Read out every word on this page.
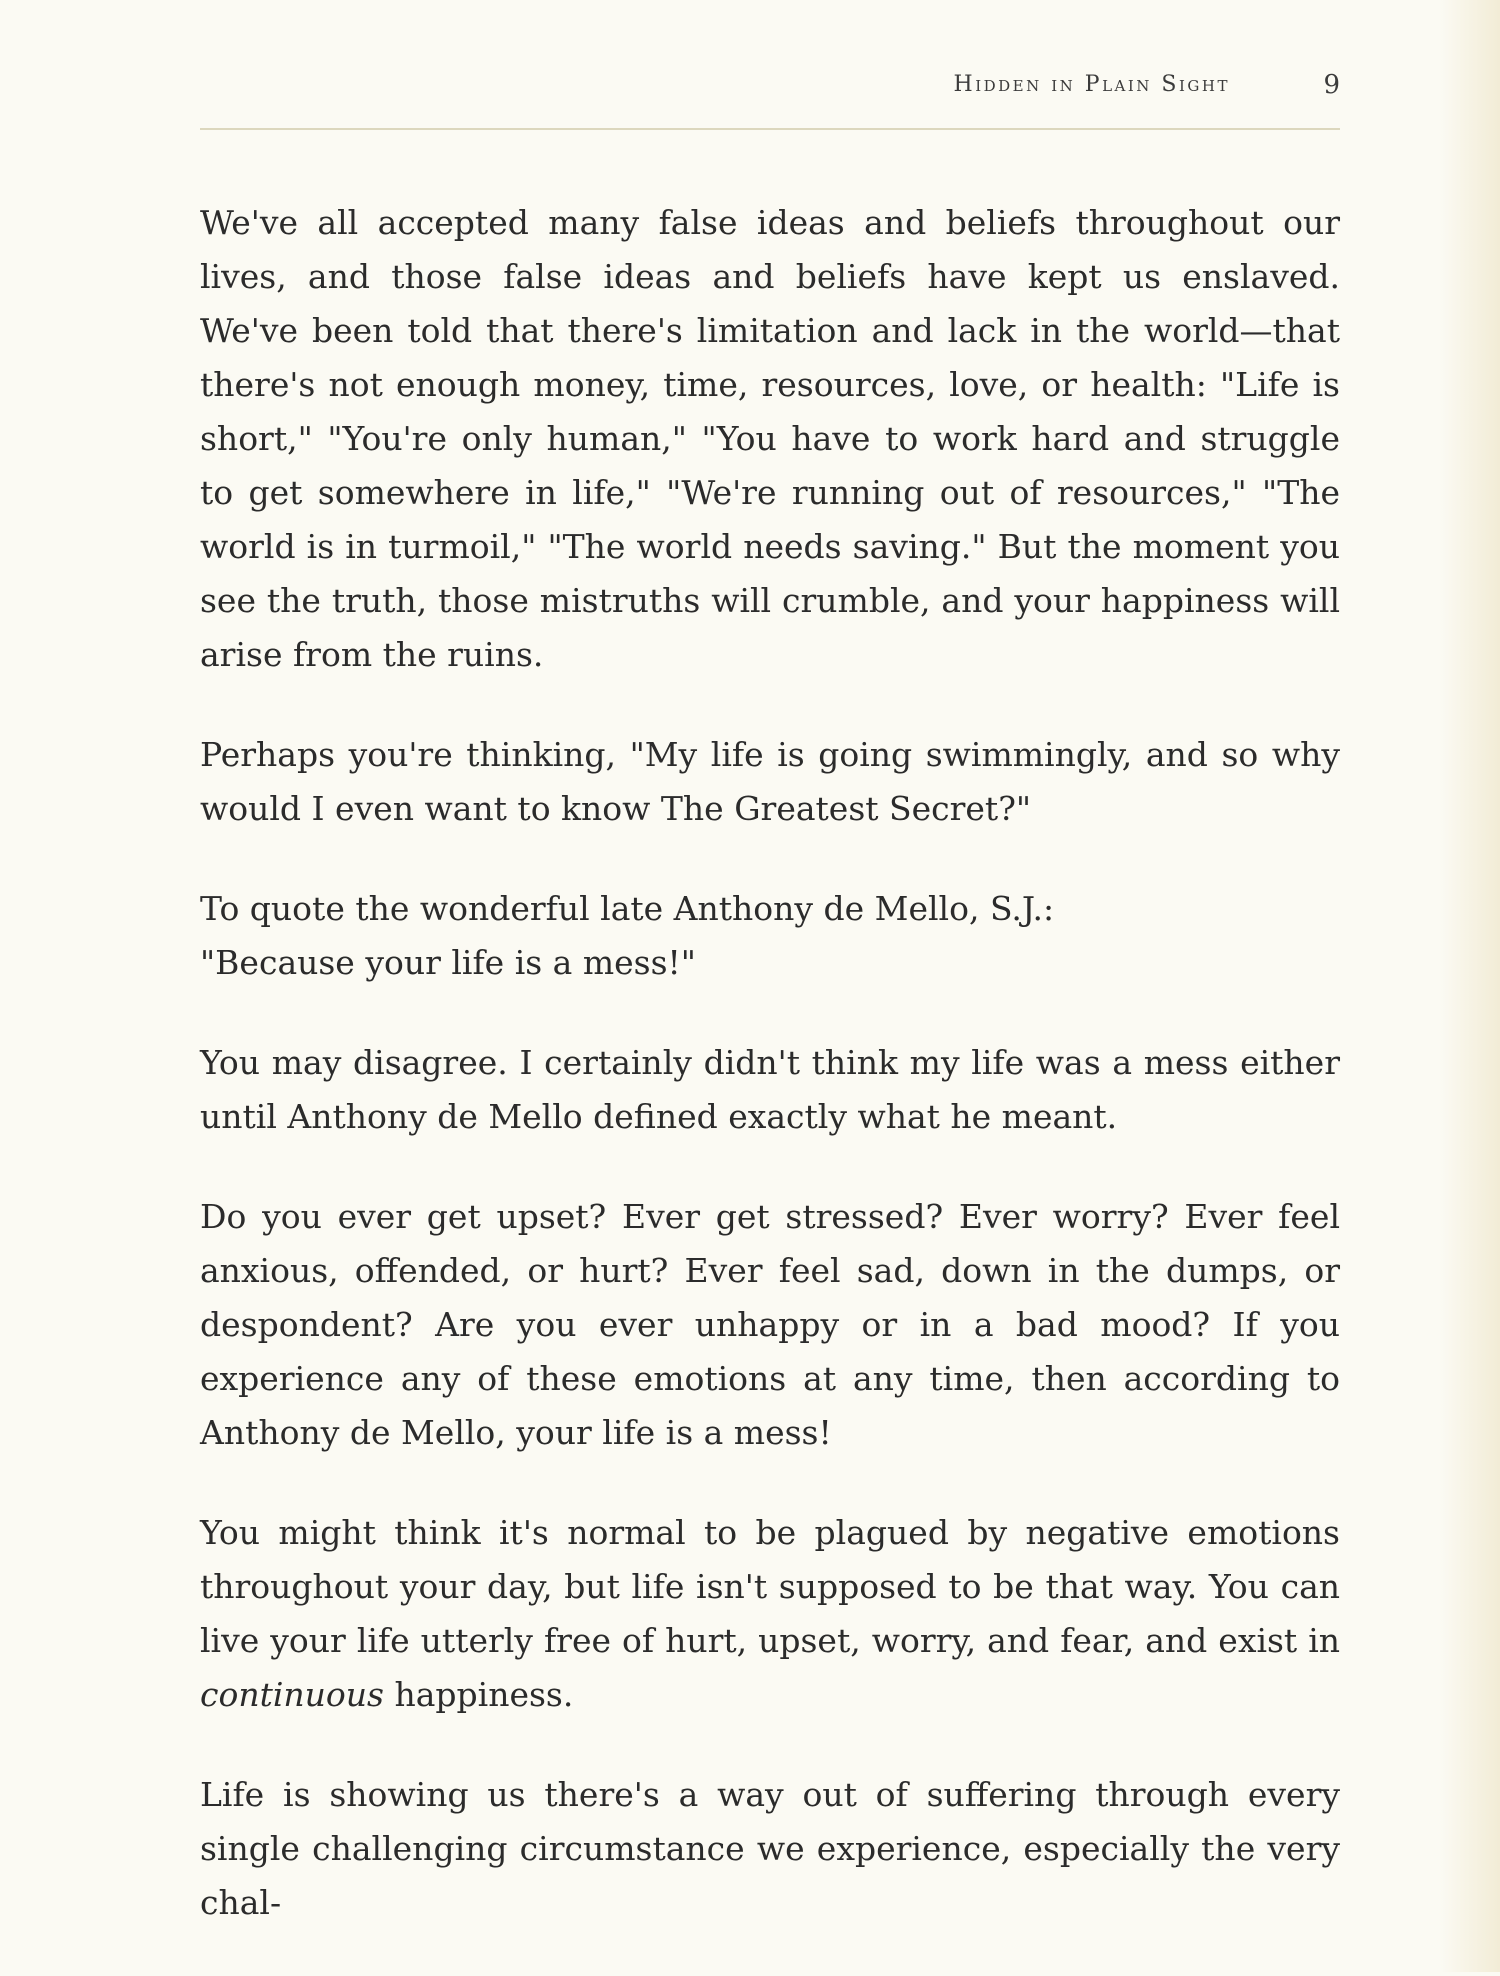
Hidden in Plain Sight	9

We've all accepted many false ideas and beliefs throughout our lives, and those false ideas and beliefs have kept us enslaved. We've been told that there's limitation and lack in the world—that there's not enough money, time, resources, love, or health: "Life is short," "You're only human," "You have to work hard and struggle to get somewhere in life," "We're running out of resources," "The world is in turmoil," "The world needs saving." But the moment you see the truth, those mistruths will crumble, and your happiness will arise from the ruins.

Perhaps you're thinking, "My life is going swimmingly, and so why would I even want to know The Greatest Secret?"

To quote the wonderful late Anthony de Mello, S.J.:
"Because your life is a mess!"

You may disagree. I certainly didn't think my life was a mess either until Anthony de Mello defined exactly what he meant.

Do you ever get upset? Ever get stressed? Ever worry? Ever feel anxious, offended, or hurt? Ever feel sad, down in the dumps, or despondent? Are you ever unhappy or in a bad mood? If you experience any of these emotions at any time, then according to Anthony de Mello, your life is a mess!

You might think it's normal to be plagued by negative emotions throughout your day, but life isn't supposed to be that way. You can live your life utterly free of hurt, upset, worry, and fear, and exist in continuous happiness.

Life is showing us there's a way out of suffering through every single challenging circumstance we experience, especially the very chal-
